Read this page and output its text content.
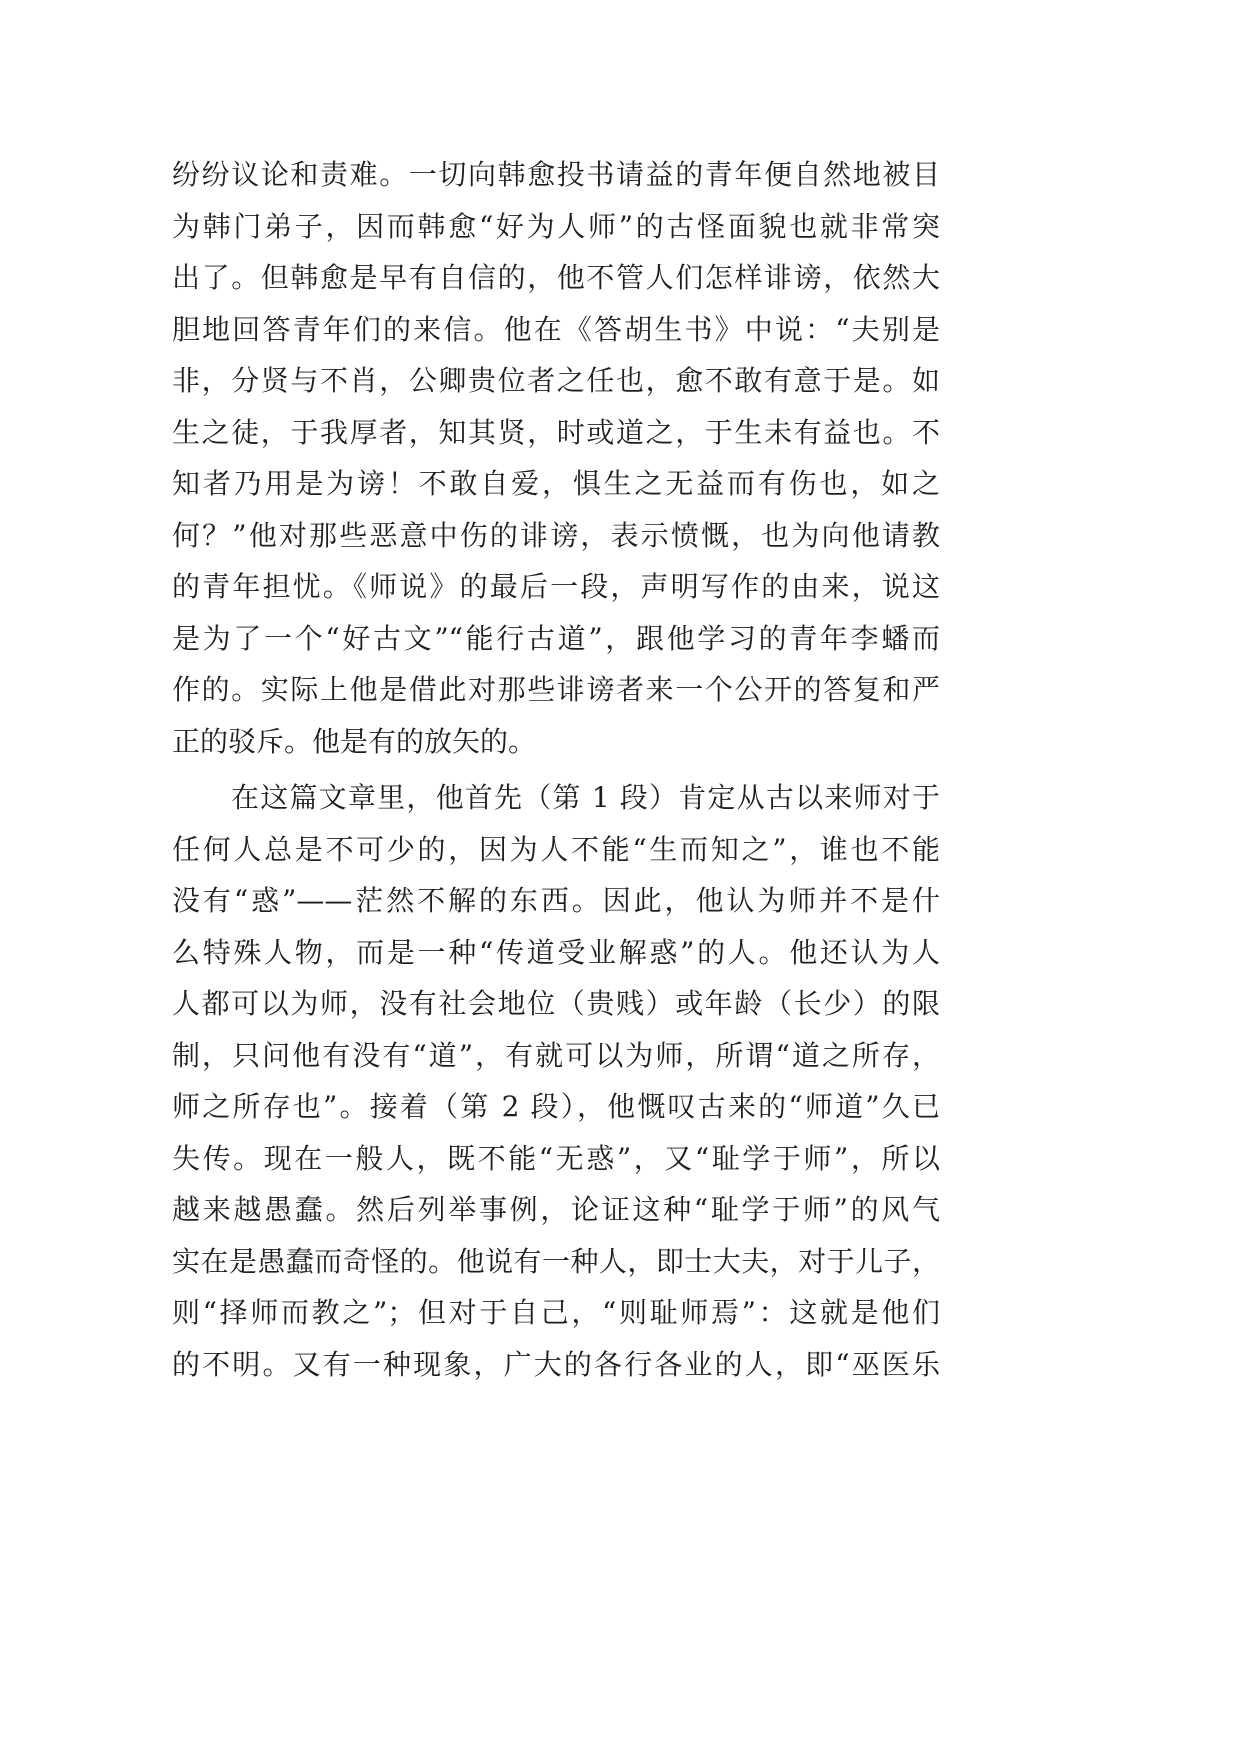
纷纷议论和责难。一切向韩愈投书请益的青年便自然地被目
为韩门弟子，因而韩愈“好为人师”的古怪面貌也就非常突
出了。但韩愈是早有自信的，他不管人们怎样诽谤，依然大
胆地回答青年们的来信。他在《答胡生书》中说：“夫别是
非，分贤与不肖，公卿贵位者之任也，愈不敢有意于是。如
生之徒，于我厚者，知其贤，时或道之，于生未有益也。不
知者乃用是为谤！不敢自爱，惧生之无益而有伤也，如之
何？”他对那些恶意中伤的诽谤，表示愤慨，也为向他请教
的青年担忧。《师说》的最后一段，声明写作的由来，说这
是为了一个“好古文”“能行古道”，跟他学习的青年李蟠而
作的。实际上他是借此对那些诽谤者来一个公开的答复和严
正的驳斥。他是有的放矢的。
在这篇文章里，他首先（第 1 段）肯定从古以来师对于
任何人总是不可少的，因为人不能“生而知之”，谁也不能
没有“惑”——茫然不解的东西。因此，他认为师并不是什
么特殊人物，而是一种“传道受业解惑”的人。他还认为人
人都可以为师，没有社会地位（贵贱）或年龄（长少）的限
制，只问他有没有“道”，有就可以为师，所谓“道之所存，
师之所存也”。接着（第 2 段），他慨叹古来的“师道”久已
失传。现在一般人，既不能“无惑”，又“耻学于师”，所以
越来越愚蠢。然后列举事例，论证这种“耻学于师”的风气
实在是愚蠢而奇怪的。他说有一种人，即士大夫，对于儿子，
则“择师而教之”；但对于自己，“则耻师焉”：这就是他们
的不明。又有一种现象，广大的各行各业的人，即“巫医乐
